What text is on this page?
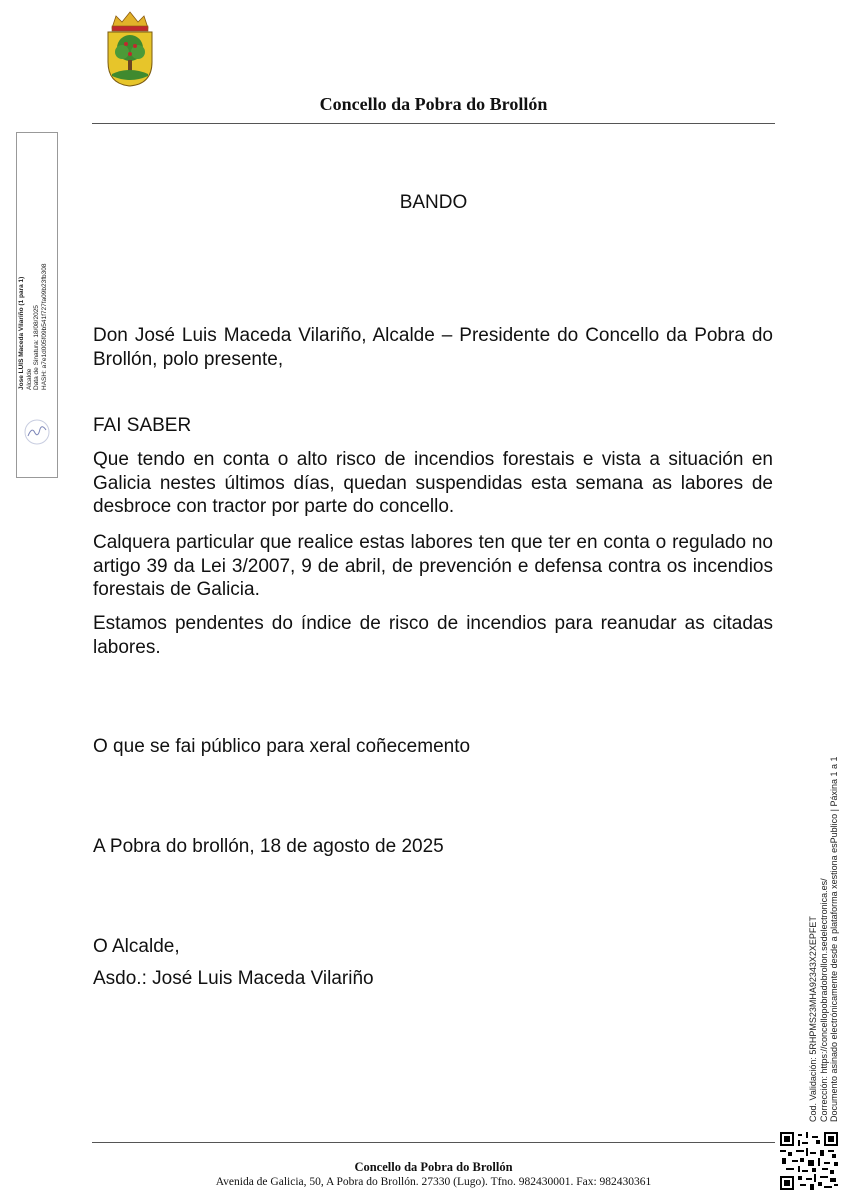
Concello da Pobra do Brollón
Jose LUIS Maceda Vilariño (1 para 1) Alcalde Data de Sinatura: 18/08/2025 HASH: a7e1d005f09b541f727fa09b23fb308
BANDO
Don José Luis Maceda Vilariño, Alcalde – Presidente do Concello da Pobra do Brollón, polo presente,
FAI SABER
Que tendo en conta o alto risco de incendios forestais e vista a situación en Galicia nestes últimos días, quedan suspendidas esta semana as labores de desbroce con tractor por parte do concello.
Calquera particular que realice estas labores ten que ter en conta o regulado no artigo 39 da Lei 3/2007, 9 de abril, de prevención e defensa contra os incendios forestais de Galicia.
Estamos pendentes do índice de risco de incendios para reanudar as citadas labores.
O que se fai público para xeral coñecemento
A Pobra do brollón, 18 de agosto de 2025
O Alcalde,
Asdo.: José Luis Maceda Vilariño	Cod. Validación: 5RHPMS23MHA92343X2XEPFET Corrección: https://concellopobradobrollon.sedelectronica.es/ Documento asinado electrónicamente desde a plataforma xestiona esPublico | Páxina 1 a 1
Concello da Pobra do Brollón
Avenida de Galicia, 50, A Pobra do Brollón. 27330 (Lugo). Tfno. 982430001. Fax: 982430361
